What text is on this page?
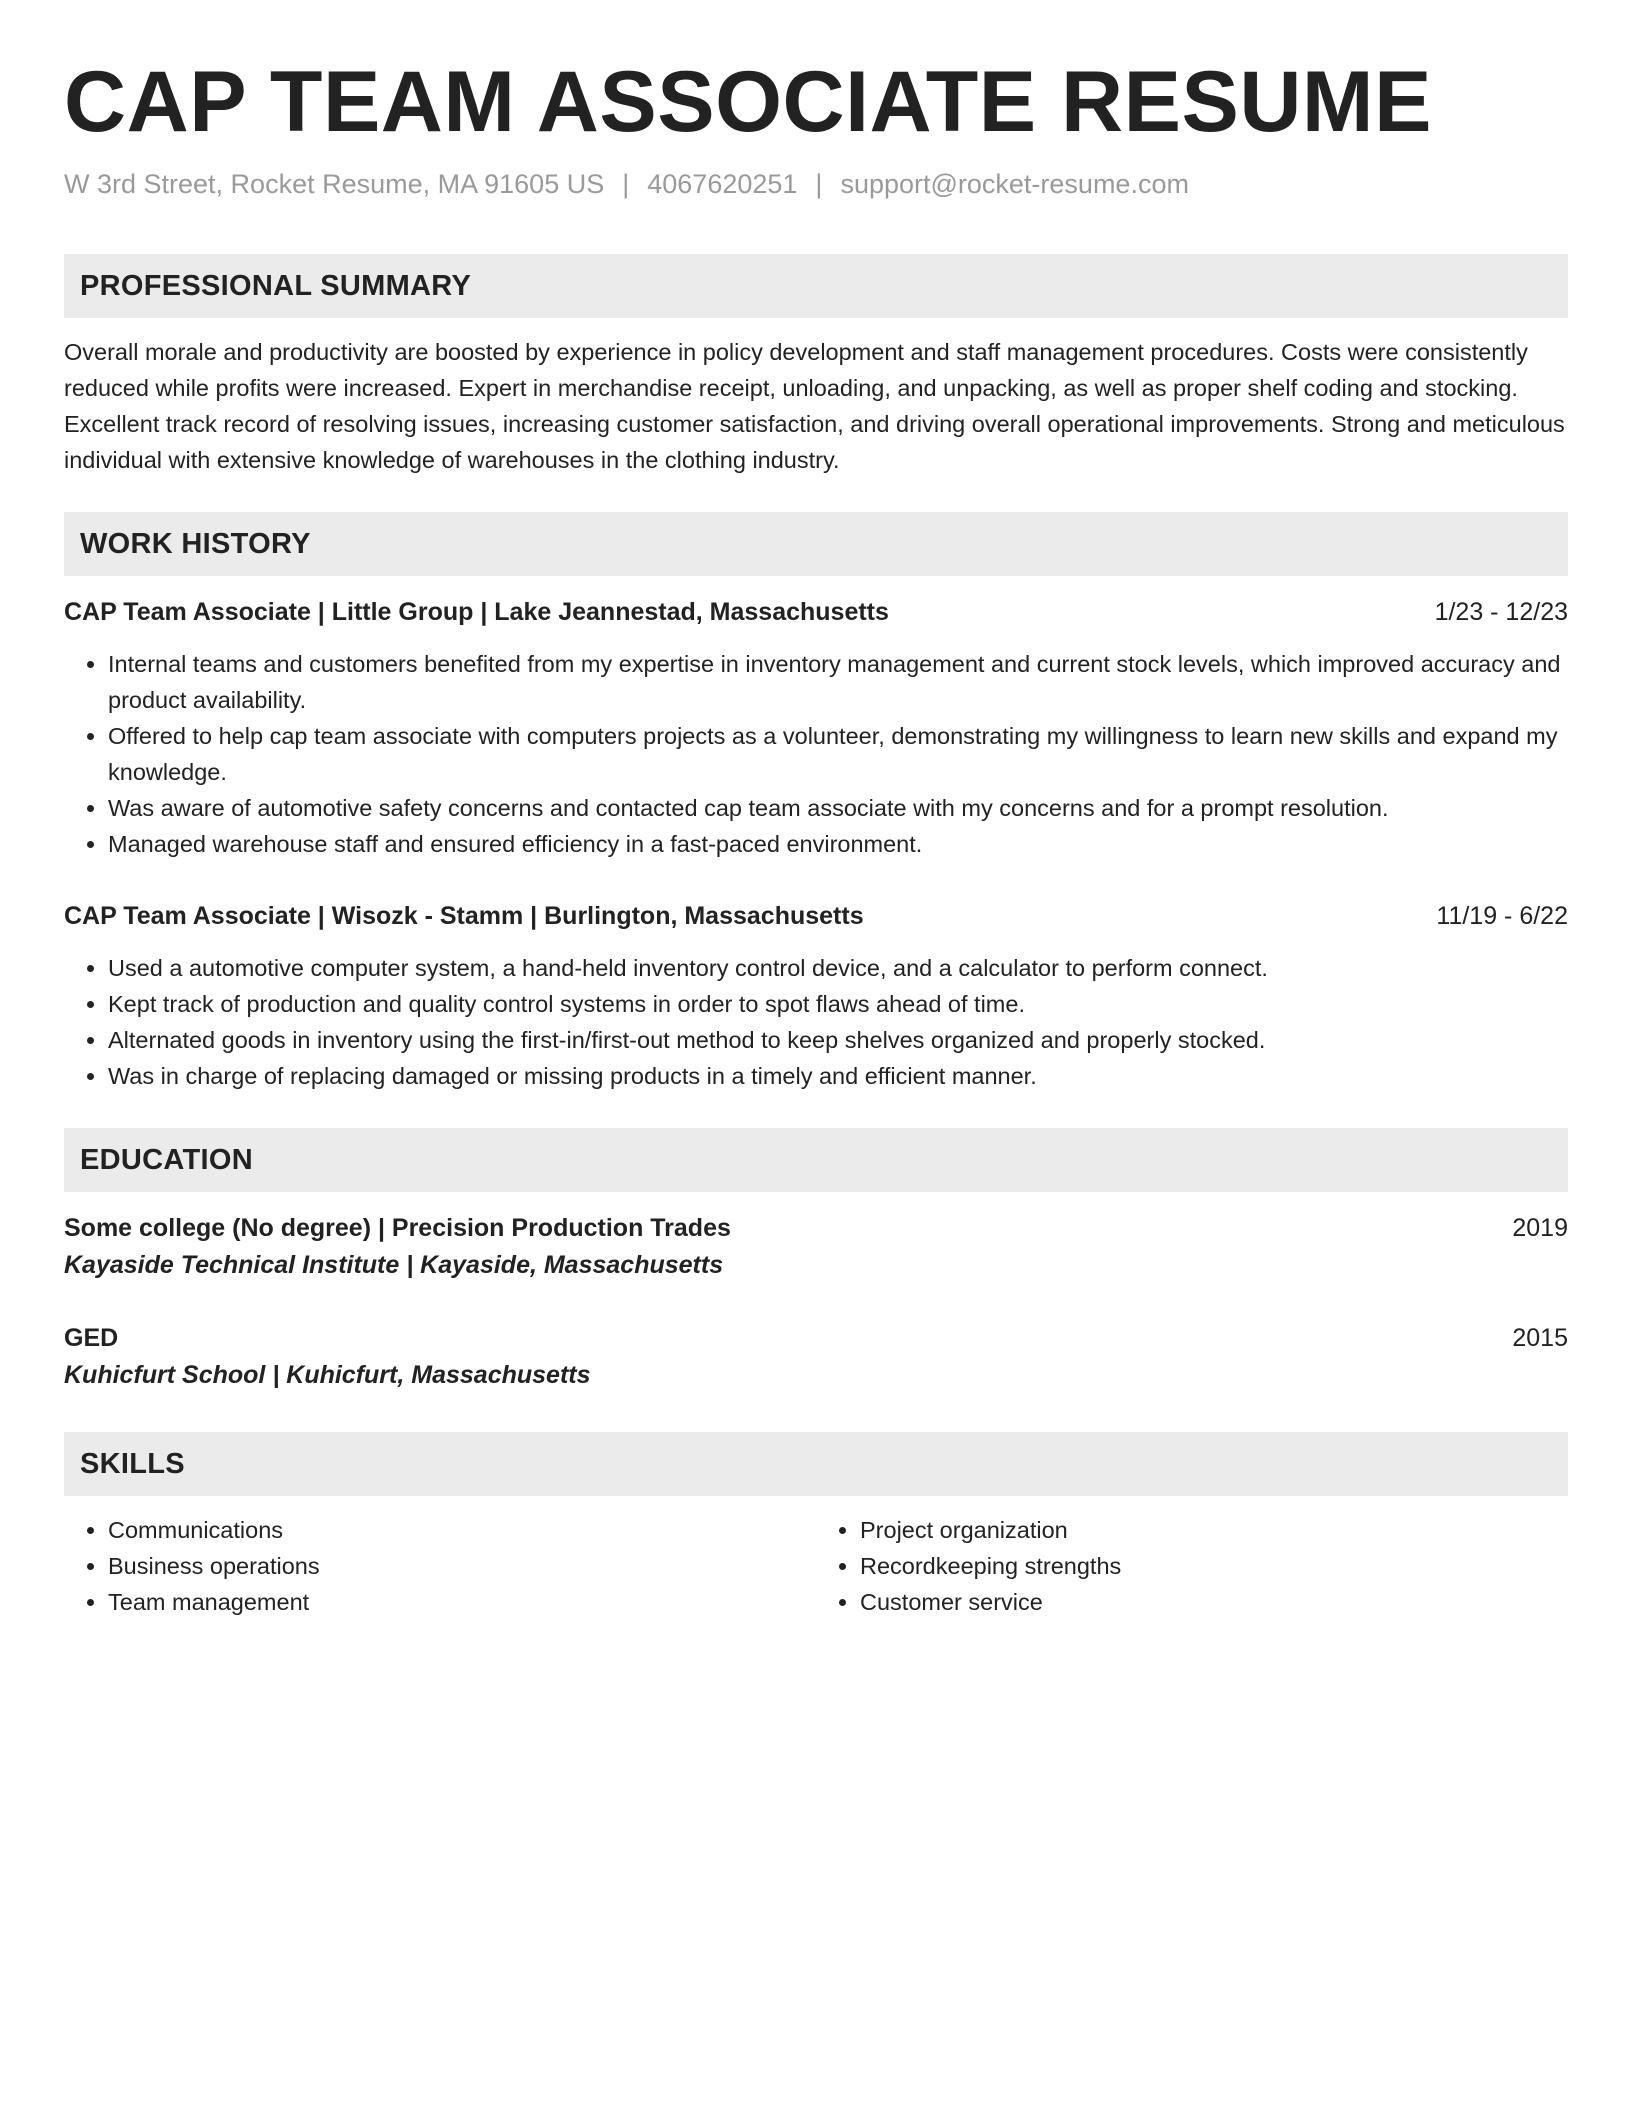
CAP TEAM ASSOCIATE RESUME
W 3rd Street, Rocket Resume, MA 91605 US | 4067620251 | support@rocket-resume.com
PROFESSIONAL SUMMARY
Overall morale and productivity are boosted by experience in policy development and staff management procedures. Costs were consistently reduced while profits were increased. Expert in merchandise receipt, unloading, and unpacking, as well as proper shelf coding and stocking. Excellent track record of resolving issues, increasing customer satisfaction, and driving overall operational improvements. Strong and meticulous individual with extensive knowledge of warehouses in the clothing industry.
WORK HISTORY
CAP Team Associate | Little Group | Lake Jeannestad, Massachusetts	1/23 - 12/23
• Internal teams and customers benefited from my expertise in inventory management and current stock levels, which improved accuracy and product availability.
• Offered to help cap team associate with computers projects as a volunteer, demonstrating my willingness to learn new skills and expand my knowledge.
• Was aware of automotive safety concerns and contacted cap team associate with my concerns and for a prompt resolution.
• Managed warehouse staff and ensured efficiency in a fast-paced environment.
CAP Team Associate | Wisozk - Stamm | Burlington, Massachusetts	11/19 - 6/22
• Used a automotive computer system, a hand-held inventory control device, and a calculator to perform connect.
• Kept track of production and quality control systems in order to spot flaws ahead of time.
• Alternated goods in inventory using the first-in/first-out method to keep shelves organized and properly stocked.
• Was in charge of replacing damaged or missing products in a timely and efficient manner.
EDUCATION
Some college (No degree) | Precision Production Trades	2019
Kayaside Technical Institute | Kayaside, Massachusetts
GED	2015
Kuhicfurt School | Kuhicfurt, Massachusetts
SKILLS
• Communications
• Business operations
• Team management
• Project organization
• Recordkeeping strengths
• Customer service
